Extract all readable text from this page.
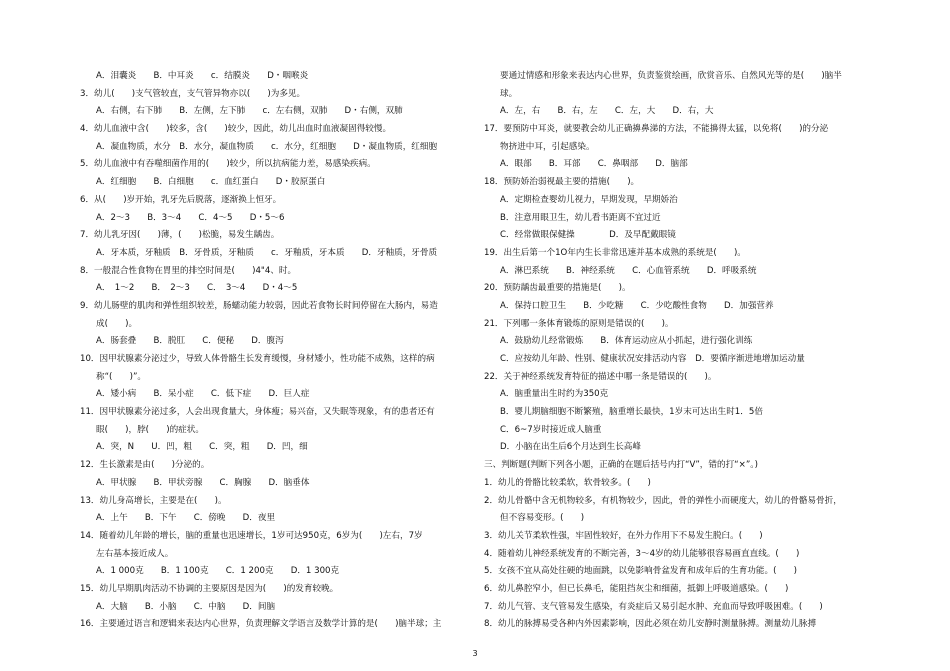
A．泪囊炎　　B．中耳炎　　c．结膜炎　　D・咽喉炎
3．幼儿(　　)支气管较直，支气管异物亦以(　　)为多见。
A．右侧，右下肺　　B．左侧，左下肺　　c．左右侧，双肺　　D・右侧，双肺
4．幼儿血液中含(　　)较多，含(　　)较少，因此，幼儿出血时血液凝固得较慢。
A．凝血物质，水分　B．水分，凝血物质　　c．水分，红细胞　　D・凝血物质，红细胞
5．幼儿血液中有吞噬细菌作用的(　　)较少，所以抗病能力差，易感染疾病。
A．红细胞　　B．白细胞　　c．血红蛋白　　D・胶原蛋白
6．从(　　)岁开始，乳牙先后脱落，逐渐换上恒牙。
A．2～3　　B．3～4　　C．4～5　　D・5～6
7．幼儿乳牙因(　　)薄，(　　)松脆，易发生龋齿。
A．牙本质，牙釉质　B．牙骨质，牙釉质　　c．牙釉质，牙本质　　D．牙釉质，牙骨质
8．一般混合性食物在胃里的排空时间是(　　)4"4、时。
A．　1～2　　B．　2～3　　C．　3～4　　D・4～5
9．幼儿肠壁的肌肉和弹性组织较差，肠蠕动能力较弱，因此若食物长时间停留在大肠内，易造
成(　　)。
A．肠套叠　　B．脱肛　　C．便秘　　D．腹泻
10．因甲状腺素分泌过少，导致人体骨骼生长发育缓慢，身材矮小，性功能不成熟，这样的病
称“(　　)”。
A．矮小病　　B．呆小症　　C．低下症　　D．巨人症
11．因甲状腺素分泌过多，人会出现食量大，身体瘦；易兴奋，又失眠等现象，有的患者还有
眼(　　)，脖(　　)的症状。
A．突，N　　U．凹，粗　　C．突，粗　　D．凹，细
12．生长激素是由(　　)分泌的。
A．甲状腺　　B．甲状旁腺　　C．胸腺　　D．脑垂体
13．幼儿身高增长，主要是在(　　)。
A．上午　　B．下午　　C．傍晚　　D．夜里
14．随着幼儿年龄的增长，脑的重量也迅速增长，1岁可达950克，6岁为(　　)左右，7岁
左右基本接近成人。
A．1 000克　　B．1 100克　　C．1 200克　　D．1 300克
15．幼儿早期肌肉活动不协调的主要原因是因为(　　)的发育较晚。
A．大脑　　B．小脑　　C．中脑　　D．间脑
16．主要通过语言和逻辑来表达内心世界，负责理解文学语言及数学计算的是(　　)脑半球；主
要通过情感和形象来表达内心世界，负责鉴赏绘画，欣赏音乐、自然风光等的是(　　)脑半
球。
A．左，右　　B．右，左　　C．左，大　　D．右，大
17．要预防中耳炎，就要教会幼儿正确擤鼻涕的方法，不能擤得太猛，以免将(　　)的分泌
物挤进中耳，引起感染。
A．眼部　　B．耳部　　C．鼻咽部　　D．脑部
18．预防娇治弱视最主要的措施(　　)。
A．定期检查婴幼儿视力，早期发现，早期娇治
B．注意用眼卫生，幼儿看书距离不宜过近
C．经常做眼保健操　　　　D．及早配戴眼镜
19．出生后第一个1O年内生长非常迅速并基本成熟的系统是(　　)。
A．淋巴系统　　B．神经系统　　C．心血管系统　　D．呼吸系统
20．预防龋齿最重要的措施是(　　)。
A．保持口腔卫生　　B．少吃糖　　C．少吃酸性食物　　D．加强营养
21．下列哪一条体育锻炼的原则是错误的(　　)。
A．鼓励幼儿经常锻炼　　B．体育运动应从小抓起，进行强化训练
C．应按幼儿年龄、性别、健康状况安排活动内容　D．要循序渐进地增加运动量
22．关于神经系统发育特征的描述中哪一条是错误的(　　)。
A．脑重量出生时约为350克
B．婴儿期脑细胞不断繁殖，脑重增长最快，1岁末可达出生时1．5倍
C．6~7岁时接近成人脑重
D．小脑在出生后6个月达到生长高峰
三、判断题(判断下列各小题，正确的在题后括号内打“V”，错的打“×”。)
1．幼儿的骨骼比较柔软，软骨较多。(　　)
2．幼儿骨骼中含无机物较多，有机物较少，因此，骨的弹性小而硬度大，幼儿的骨骼易骨折，
但不容易变形。(　　)
3．幼儿关节柔软性强，牢固性较好，在外力作用下不易发生脱臼。(　　)
4．随着幼儿神经系统发育的不断完善，3～4岁的幼儿能够很容易画直直线。(　　)
5．女孩不宜从高处往硬的地面跳，以免影响骨盆发育和成年后的生育功能。(　　)
6．幼儿鼻腔窄小，但已长鼻毛，能阻挡灰尘和细菌，抵御上呼吸道感染。(　　)
7．幼儿气管、支气管易发生感染，有炎症后又易引起水肿、充血而导致呼吸困难。(　　)
8．幼儿的脉搏易受各种内外因素影响，因此必须在幼儿安静时测量脉搏。测量幼儿脉搏
3
